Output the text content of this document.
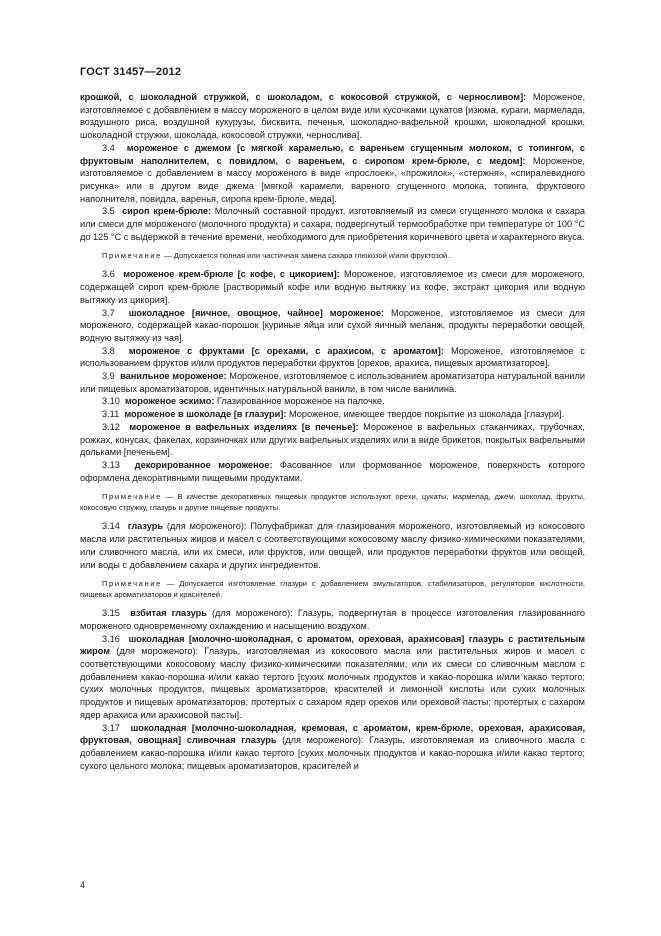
ГОСТ 31457—2012

крошкой, с шоколадной стружкой, с шоколадом, с кокосовой стружкой, с черносливом]: Мороженое, изготовляемое с добавлением в массу мороженого в целом виде или кусочками цукатов [изюма, кураги, мармелада, воздушного риса, воздушной кукурузы, бисквита, печенья, шоколадно-вафельной крошки, шоколадной крошки, шоколадной стружки, шоколада, кокосовой стружки, чернослива].

3.4 мороженое с джемом [с мягкой карамелью, с вареньем сгущенным молоком, с топингом, с фруктовым наполнителем, с повидлом, с вареньем, с сиропом крем-брюле, с медом]: Мороженое, изготовляемое с добавлением в массу мороженого в виде «прослоек», «прожилок», «стержня», «спиралевидного рисунка» или в другом виде джема [мягкой карамели, вареного сгущенного молока, топинга, фруктового наполнителя, повидла, варенья, сиропа крем-брюле, меда].

3.5 сироп крем-брюле: Молочный составной продукт, изготовляемый из смеси сгущенного молока и сахара или смеси для мороженого (молочного продукта) и сахара, подвергнутый термообработке при температуре от 100 °С до 125 °С с выдержкой в течение времени, необходимого для приобретения коричневого цвета и характерного вкуса.

Примечание — Допускается полная или частичная замена сахара глюкозой и/или фруктозой.

3.6 мороженое крем-брюле [с кофе, с цикорием]: Мороженое, изготовляемое из смеси для мороженого, содержащей сироп крем-брюле [растворимый кофе или водную вытяжку из кофе, экстракт цикория или водную вытяжку из цикория].

3.7 шоколадное [яичное, овощное, чайное] мороженое: Мороженое, изготовляемое из смеси для мороженого, содержащей какао-порошок [куриные яйца или сухой яичный меланж, продукты переработки овощей, водную вытяжку из чая].

3.8 мороженое с фруктами [с орехами, с арахисом, с ароматом]: Мороженое, изготовляемое с использованием фруктов и/или продуктов переработки фруктов [орехов, арахиса, пищевых ароматизаторов].

3.9 ванильное мороженое: Мороженое, изготовляемое с использованием ароматизатора натуральной ванили или пищевых ароматизаторов, идентичных натуральной ванили, в том числе ванилина.

3.10 мороженое эскимо: Глазированное мороженое на палочке.

3.11 мороженое в шоколаде [в глазури]: Мороженое, имеющее твердое покрытие из шоколада [глазури].

3.12 мороженое в вафельных изделиях [в печенье]: Мороженое в вафельных стаканчиках, трубочках, рожках, конусах, факелах, корзиночках или других вафельных изделиях или в виде брикетов, покрытых вафельными дольками [печеньем].

3.13 декорированное мороженое: Фасованное или формованное мороженое, поверхность которого оформлена декоративными пищевыми продуктами.

Примечание — В качестве декоративных пищевых продуктов используют орехи, цукаты, мармелад, джем, шоколад, фрукты, кокосовую стружку, глазурь и другие пищевые продукты.

3.14 глазурь (для мороженого): Полуфабрикат для глазирования мороженого, изготовляемый из кокосового масла или растительных жиров и масел с соответствующими кокосовому маслу физико-химическими показателями, или сливочного масла, или их смеси, или фруктов, или овощей, или продуктов переработки фруктов или овощей, или воды с добавлением сахара и других ингредиентов.

Примечание — Допускается изготовление глазури с добавлением эмульгаторов, стабилизаторов, регуляторов кислотности, пищевых ароматизаторов и красителей.

3.15 взбитая глазурь (для мороженого): Глазурь, подвергнутая в процессе изготовления глазированного мороженого одновременному охлаждению и насыщению воздухом.

3.16 шоколадная [молочно-шоколадная, с ароматом, ореховая, арахисовая] глазурь с растительным жиром (для мороженого): Глазурь, изготовляемая из кокосового масла или растительных жиров и масел с соответствующими кокосовому маслу физико-химическими показателями, или их смеси со сливочным маслом с добавлением какао-порошка и/или какао тертого [сухих молочных продуктов и какао-порошка и/или какао тертого; сухих молочных продуктов, пищевых ароматизаторов, красителей и лимонной кислоты или сухих молочных продуктов и пищевых ароматизаторов; протертых с сахаром ядер орехов или ореховой пасты; протертых с сахаром ядер арахиса или арахисовой пасты].

3.17 шоколадная [молочно-шоколадная, кремовая, с ароматом, крем-брюле, ореховая, арахисовая, фруктовая, овощная] сливочная глазурь (для мороженого): Глазурь, изготовляемая из сливочного масла с добавлением какао-порошка и/или какао тертого [сухих молочных продуктов и какао-порошка и/или какао тертого; сухого цельного молока; пищевых ароматизаторов, красителей и

4
